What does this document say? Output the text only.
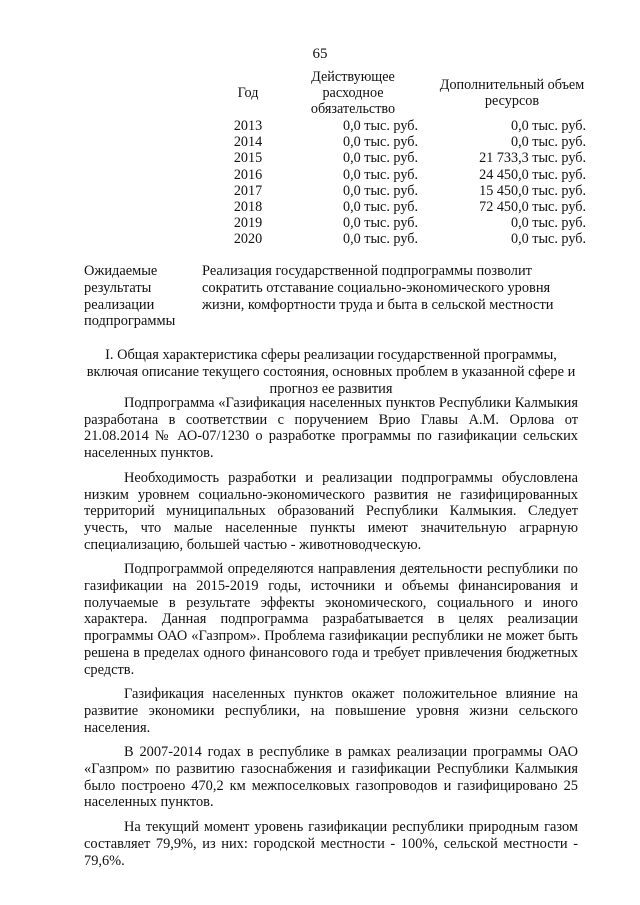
65
Год	Действующее расходное обязательство	Дополнительный объем ресурсов
2013	0,0 тыс. руб.	0,0 тыс. руб.
2014	0,0 тыс. руб.	0,0 тыс. руб.
2015	0,0 тыс. руб.	21 733,3 тыс. руб.
2016	0,0 тыс. руб.	24 450,0 тыс. руб.
2017	0,0 тыс. руб.	15 450,0 тыс. руб.
2018	0,0 тыс. руб.	72 450,0 тыс. руб.
2019	0,0 тыс. руб.	0,0 тыс. руб.
2020	0,0 тыс. руб.	0,0 тыс. руб.
Ожидаемые результаты реализации подпрограммы
Реализация государственной подпрограммы позволит сократить отставание социально-экономического уровня жизни, комфортности труда и быта в сельской местности
I. Общая характеристика сферы реализации государственной программы, включая описание текущего состояния, основных проблем в указанной сфере и прогноз ее развития

Подпрограмма «Газификация населенных пунктов Республики Калмыкия разработана в соответствии с поручением Врио Главы А.М. Орлова от 21.08.2014 № АО-07/1230 о разработке программы по газификации сельских населенных пунктов.

Необходимость разработки и реализации подпрограммы обусловлена низким уровнем социально-экономического развития не газифицированных территорий муниципальных образований Республики Калмыкия. Следует учесть, что малые населенные пункты имеют значительную аграрную специализацию, большей частью - животноводческую.

Подпрограммой определяются направления деятельности республики по газификации на 2015-2019 годы, источники и объемы финансирования и получаемые в результате эффекты экономического, социального и иного характера. Данная подпрограмма разрабатывается в целях реализации программы ОАО «Газпром». Проблема газификации республики не может быть решена в пределах одного финансового года и требует привлечения бюджетных средств.

Газификация населенных пунктов окажет положительное влияние на развитие экономики республики, на повышение уровня жизни сельского населения.

В 2007-2014 годах в республике в рамках реализации программы ОАО «Газпром» по развитию газоснабжения и газификации Республики Калмыкия было построено 470,2 км межпоселковых газопроводов и газифицировано 25 населенных пунктов.

На текущий момент уровень газификации республики природным газом составляет 79,9%, из них: городской местности - 100%, сельской местности - 79,6%.
